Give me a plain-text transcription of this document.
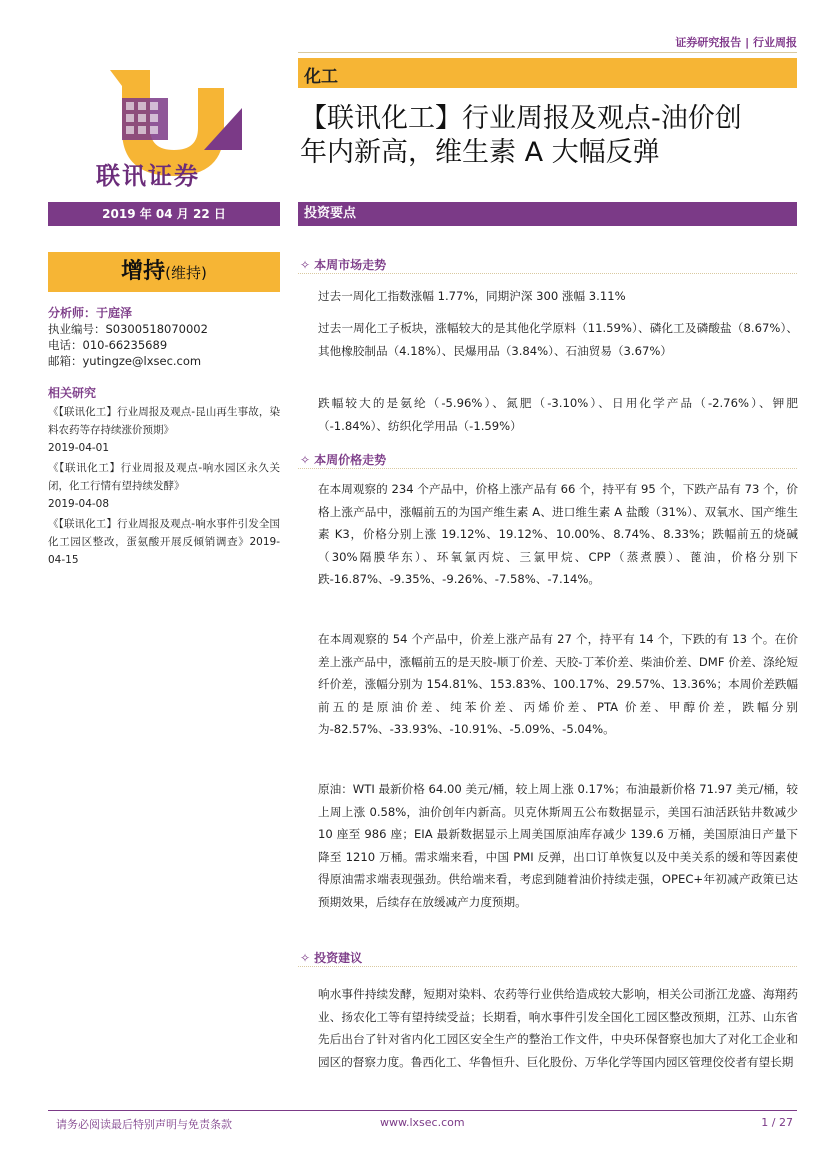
证券研究报告 | 行业周报
联讯证券
化工
【联讯化工】行业周报及观点-油价创
年内新高，维生素 A 大幅反弹
2019 年 04 月 22 日
增持(维持)
分析师：于庭泽
执业编号：S0300518070002
电话：010-66235689
邮箱：yutingze@lxsec.com
相关研究
《【联讯化工】行业周报及观点-昆山再生事故，染料农药等存持续涨价预期》
2019-04-01
《【联讯化工】行业周报及观点-响水园区永久关闭，化工行情有望持续发酵》
2019-04-08
《【联讯化工】行业周报及观点-响水事件引发全国化工园区整改，蛋氨酸开展反倾销调查》2019-04-15
投资要点
✧ 本周市场走势
过去一周化工指数涨幅 1.77%，同期沪深 300 涨幅 3.11%
过去一周化工子板块，涨幅较大的是其他化学原料（11.59%）、磷化工及磷酸盐（8.67%）、其他橡胶制品（4.18%）、民爆用品（3.84%）、石油贸易（3.67%）
跌幅较大的是氨纶（-5.96%）、氮肥（-3.10%）、日用化学产品（-2.76%）、钾肥（-1.84%）、纺织化学用品（-1.59%）
✧ 本周价格走势
在本周观察的 234 个产品中，价格上涨产品有 66 个，持平有 95 个，下跌产品有 73 个，价格上涨产品中，涨幅前五的为国产维生素 A、进口维生素 A 盐酸（31%）、双氧水、国产维生素 K3，价格分别上涨 19.12%、19.12%、10.00%、8.74%、8.33%；跌幅前五的烧碱（30%隔膜华东）、环氧氯丙烷、三氯甲烷、CPP（蒸煮膜）、蓖油，价格分别下跌-16.87%、-9.35%、-9.26%、-7.58%、-7.14%。
在本周观察的 54 个产品中，价差上涨产品有 27 个，持平有 14 个，下跌的有 13 个。在价差上涨产品中，涨幅前五的是天胶-顺丁价差、天胶-丁苯价差、柴油价差、DMF 价差、涤纶短纤价差，涨幅分别为 154.81%、153.83%、100.17%、29.57%、13.36%；本周价差跌幅前五的是原油价差、纯苯价差、丙烯价差、PTA 价差、甲醇价差，跌幅分别为-82.57%、-33.93%、-10.91%、-5.09%、-5.04%。
原油：WTI 最新价格 64.00 美元/桶，较上周上涨 0.17%；布油最新价格 71.97 美元/桶，较上周上涨 0.58%，油价创年内新高。贝克休斯周五公布数据显示，美国石油活跃钻井数减少 10 座至 986 座；EIA 最新数据显示上周美国原油库存减少 139.6 万桶，美国原油日产量下降至 1210 万桶。需求端来看，中国 PMI 反弹，出口订单恢复以及中美关系的缓和等因素使得原油需求端表现强劲。供给端来看，考虑到随着油价持续走强，OPEC+年初减产政策已达预期效果，后续存在放缓减产力度预期。
✧ 投资建议
响水事件持续发酵，短期对染料、农药等行业供给造成较大影响，相关公司浙江龙盛、海翔药业、扬农化工等有望持续受益；长期看，响水事件引发全国化工园区整改预期，江苏、山东省先后出台了针对省内化工园区安全生产的整治工作文件，中央环保督察也加大了对化工企业和园区的督察力度。鲁西化工、华鲁恒升、巨化股份、万华化学等国内园区管理佼佼者有望长期
请务必阅读最后特别声明与免责条款	www.lxsec.com	1 / 27
